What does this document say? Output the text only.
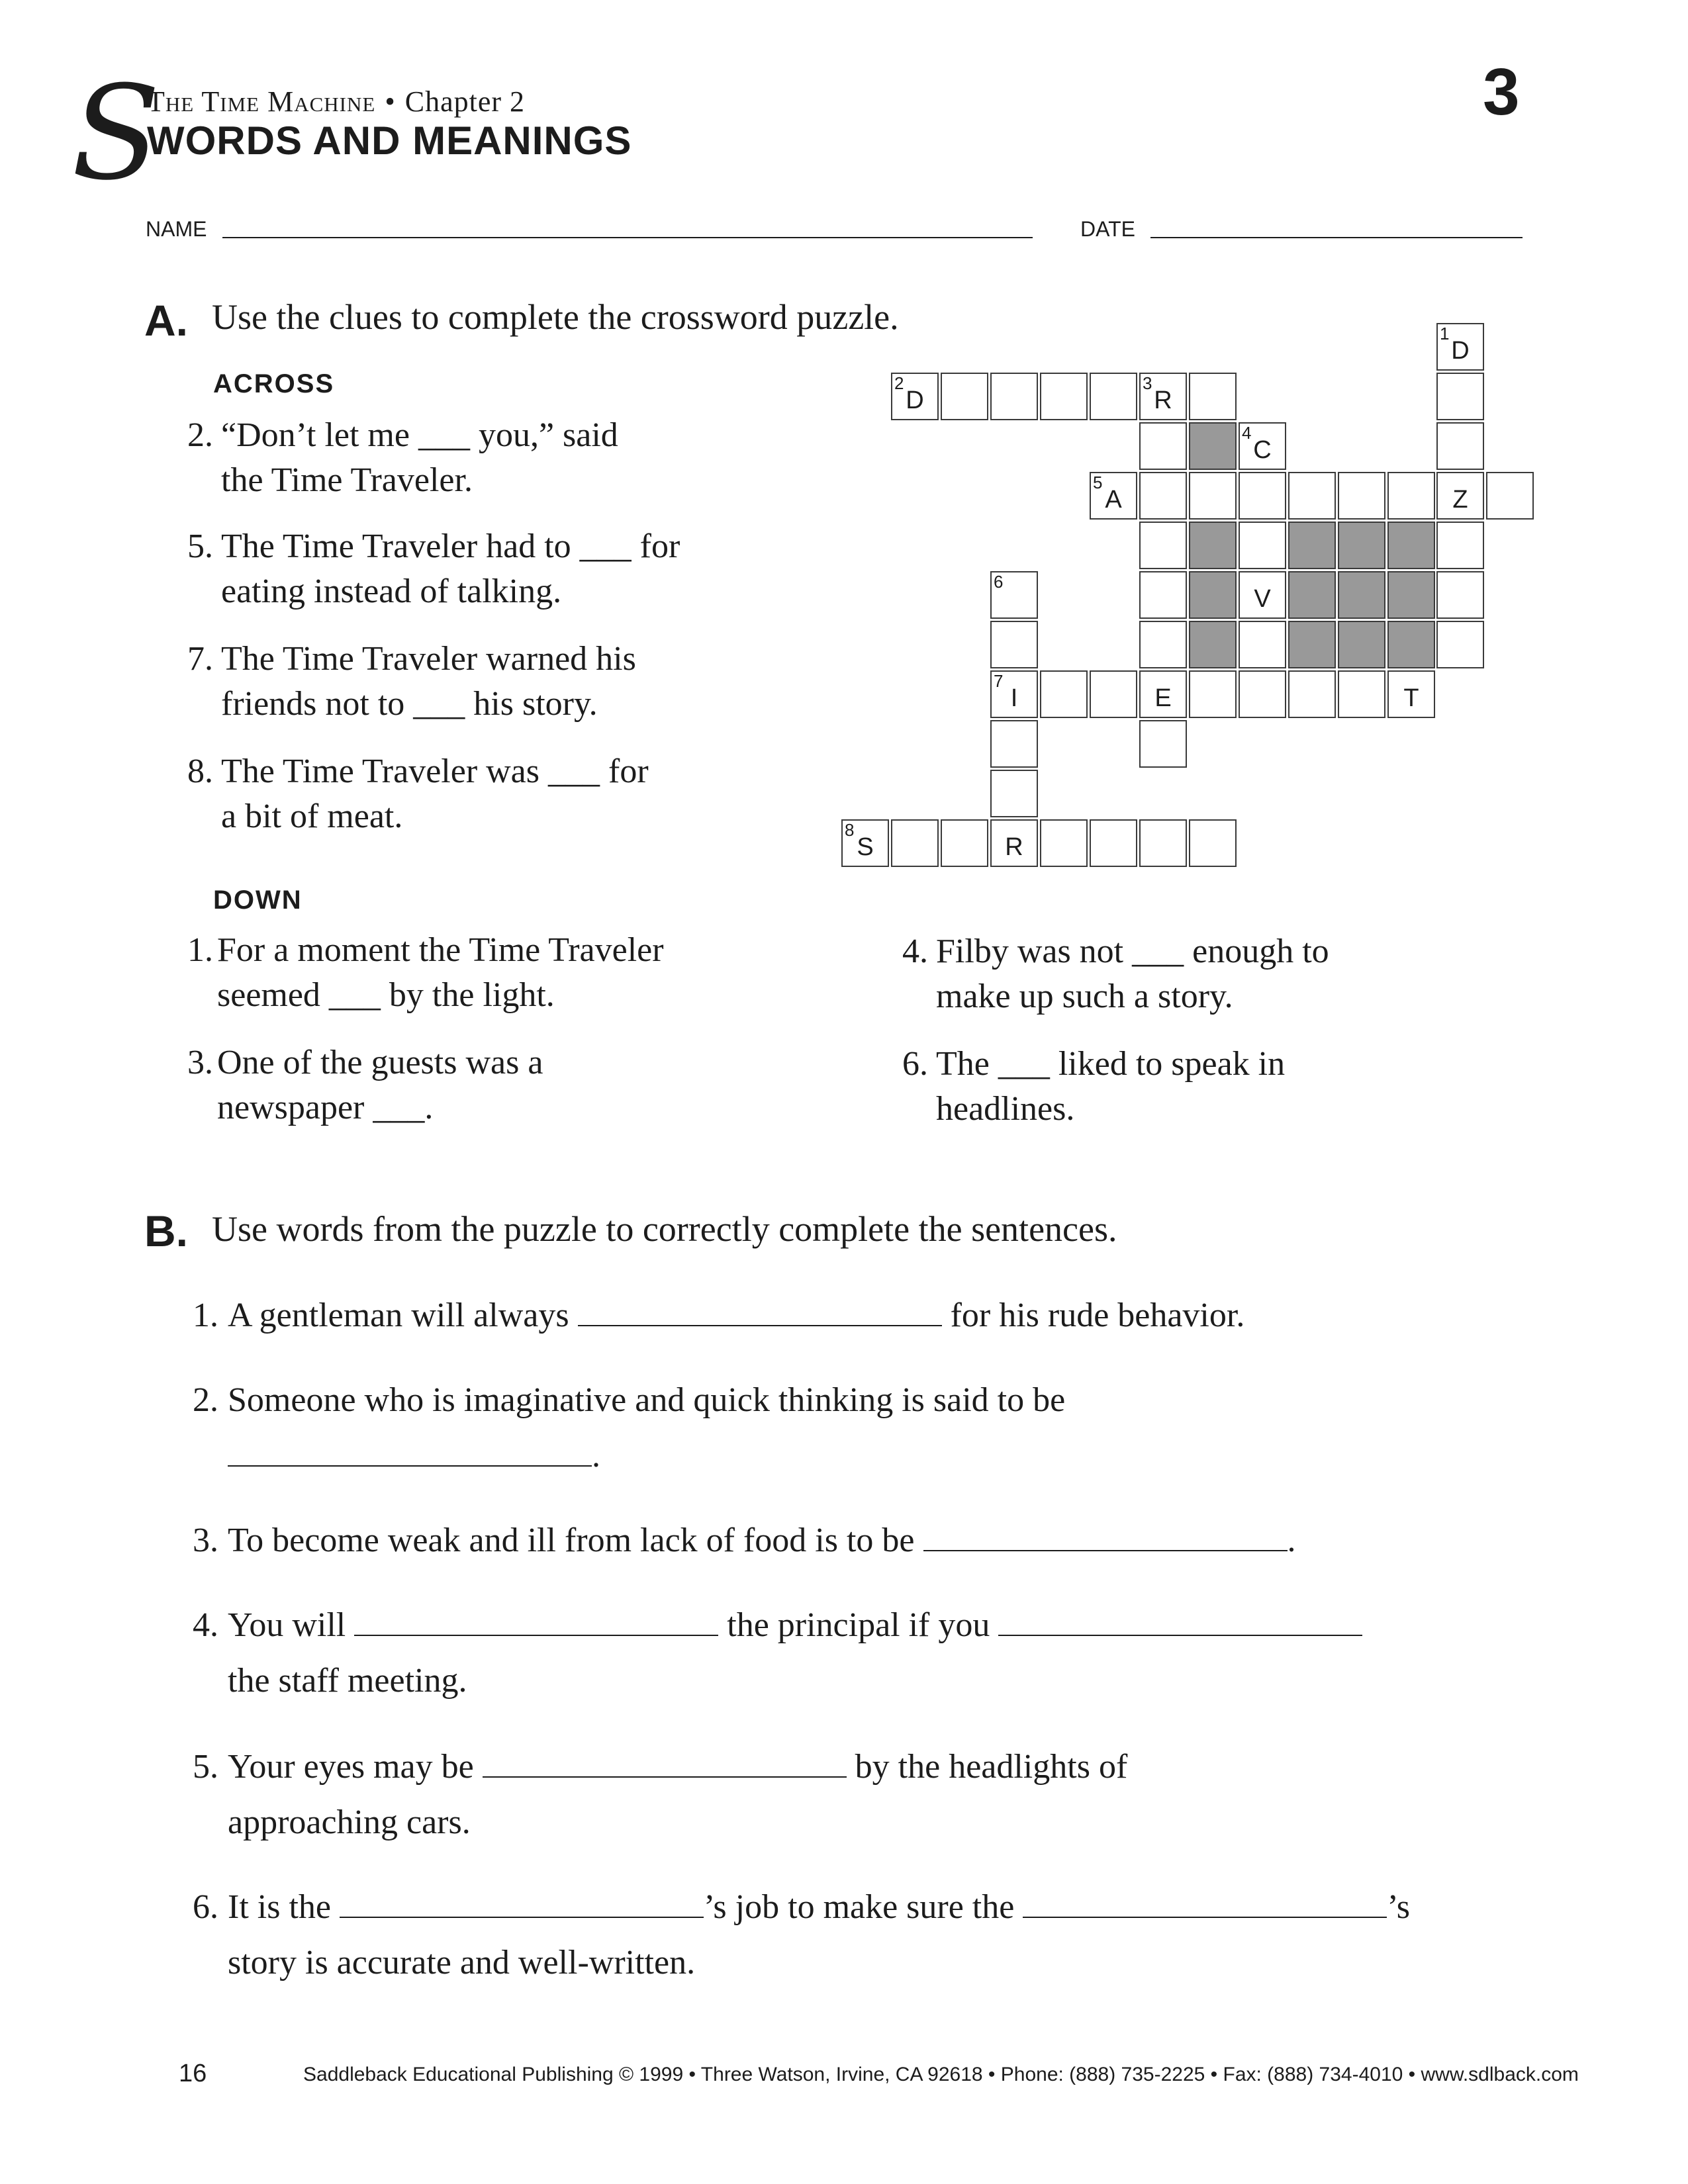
S
The Time Machine • Chapter 2
WORDS AND MEANINGS
3
NAME	DATE
A. Use the clues to complete the crossword puzzle.
ACROSS
2. “Don’t let me ___ you,” said
the Time Traveler.
5. The Time Traveler had to ___ for
eating instead of talking.
7. The Time Traveler warned his
friends not to ___ his story.
8. The Time Traveler was ___ for
a bit of meat.
DOWN
1. For a moment the Time Traveler
seemed ___ by the light.
3. One of the guests was a
newspaper ___.
4. Filby was not ___ enough to
make up such a story.
6. The ___ liked to speak in
headlines.
1
D
2
D
3
R
4
C
5
A	Z
6
V
7
I	E	T
8
S	R
B. Use words from the puzzle to correctly complete the sentences.
1. A gentleman will always	for his rude behavior.
2. Someone who is imaginative and quick thinking is said to be
.
3. To become weak and ill from lack of food is to be	.
4. You will	the principal if you
the staff meeting.
5. Your eyes may be	by the headlights of
approaching cars.
6. It is the	’s job to make sure the	’s
story is accurate and well-written.
16	Saddleback Educational Publishing © 1999 • Three Watson, Irvine, CA 92618 • Phone: (888) 735-2225 • Fax: (888) 734-4010 • www.sdlback.com
